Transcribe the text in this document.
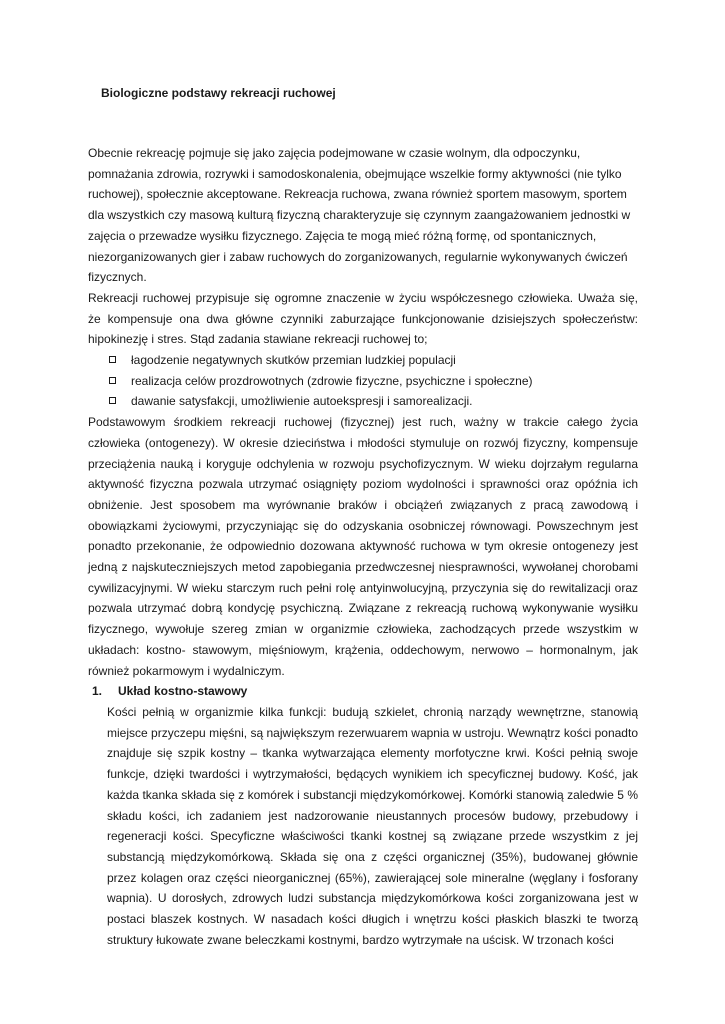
Biologiczne podstawy rekreacji ruchowej

Obecnie rekreację pojmuje się jako zajęcia podejmowane w czasie wolnym, dla odpoczynku, pomnażania zdrowia, rozrywki i samodoskonalenia, obejmujące wszelkie formy aktywności (nie tylko ruchowej), społecznie akceptowane. Rekreacja ruchowa, zwana również sportem masowym, sportem dla wszystkich czy masową kulturą fizyczną charakteryzuje się czynnym zaangażowaniem jednostki w zajęcia o przewadze wysiłku fizycznego. Zajęcia te mogą mieć różną formę, od spontanicznych, niezorganizowanych gier i zabaw ruchowych do zorganizowanych, regularnie wykonywanych ćwiczeń fizycznych.

Rekreacji ruchowej przypisuje się ogromne znaczenie w życiu współczesnego człowieka. Uważa się, że kompensuje ona dwa główne czynniki zaburzające funkcjonowanie dzisiejszych społeczeństw: hipokinezję i stres. Stąd zadania stawiane rekreacji ruchowej to;

łagodzenie negatywnych skutków przemian ludzkiej populacji
realizacja celów prozdrowotnych (zdrowie fizyczne, psychiczne i społeczne)
dawanie satysfakcji, umożliwienie autoekspresji i samorealizacji.

Podstawowym środkiem rekreacji ruchowej (fizycznej) jest ruch, ważny w trakcie całego życia człowieka (ontogenezy). W okresie dzieciństwa i młodości stymuluje on rozwój fizyczny, kompensuje przeciążenia nauką i koryguje odchylenia w rozwoju psychofizycznym. W wieku dojrzałym regularna aktywność fizyczna pozwala utrzymać osiągnięty poziom wydolności i sprawności oraz opóźnia ich obniżenie. Jest sposobem ma wyrównanie braków i obciążeń związanych z pracą zawodową i obowiązkami życiowymi, przyczyniając się do odzyskania osobniczej równowagi. Powszechnym jest ponadto przekonanie, że odpowiednio dozowana aktywność ruchowa w tym okresie ontogenezy jest jedną z najskuteczniejszych metod zapobiegania przedwczesnej niesprawności, wywołanej chorobami cywilizacyjnymi. W wieku starczym ruch pełni rolę antyinwolucyjną, przyczynia się do rewitalizacji oraz pozwala utrzymać dobrą kondycję psychiczną. Związane z rekreacją ruchową wykonywanie wysiłku fizycznego, wywołuje szereg zmian w organizmie człowieka, zachodzących przede wszystkim w układach: kostno- stawowym, mięśniowym, krążenia, oddechowym, nerwowo – hormonalnym, jak również pokarmowym i wydalniczym.

1. Układ kostno-stawowy

Kości pełnią w organizmie kilka funkcji: budują szkielet, chronią narządy wewnętrzne, stanowią miejsce przyczepu mięśni, są największym rezerwuarem wapnia w ustroju. Wewnątrz kości ponadto znajduje się szpik kostny – tkanka wytwarzająca elementy morfotyczne krwi. Kości pełnią swoje funkcje, dzięki twardości i wytrzymałości, będących wynikiem ich specyficznej budowy. Kość, jak każda tkanka składa się z komórek i substancji międzykomórkowej. Komórki stanowią zaledwie 5 % składu kości, ich zadaniem jest nadzorowanie nieustannych procesów budowy, przebudowy i regeneracji kości. Specyficzne właściwości tkanki kostnej są związane przede wszystkim z jej substancją międzykomórkową. Składa się ona z części organicznej (35%), budowanej głównie przez kolagen oraz części nieorganicznej (65%), zawierającej sole mineralne (węglany i fosforany wapnia). U dorosłych, zdrowych ludzi substancja międzykomórkowa kości zorganizowana jest w postaci blaszek kostnych. W nasadach kości długich i wnętrzu kości płaskich blaszki te tworzą struktury łukowate zwane beleczkami kostnymi, bardzo wytrzymałe na uścisk. W trzonach kości
